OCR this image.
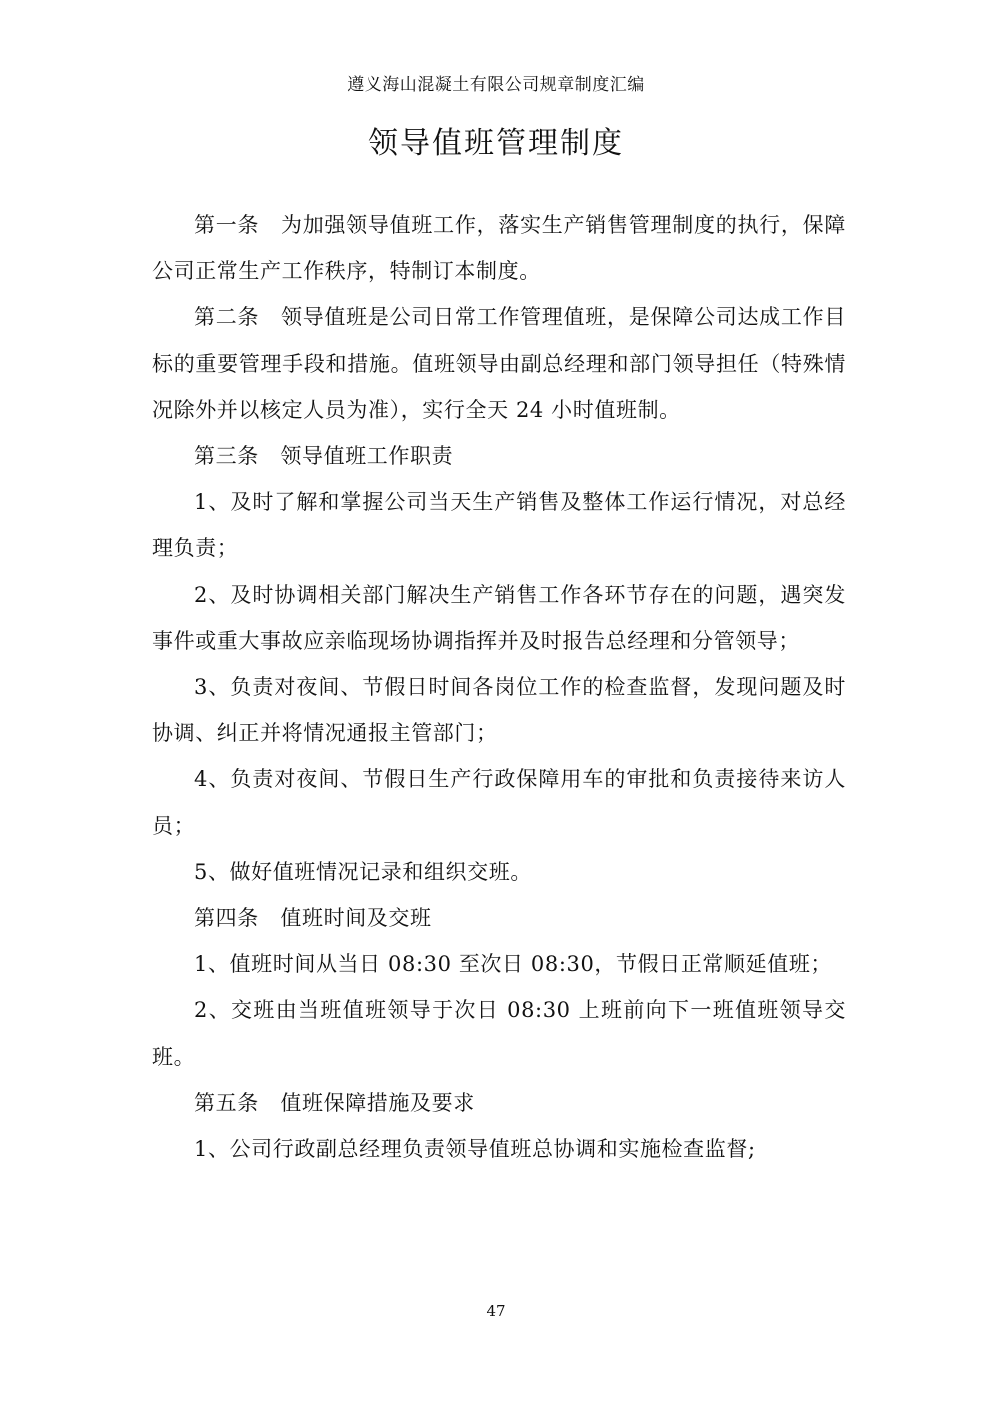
遵义海山混凝土有限公司规章制度汇编
领导值班管理制度

第一条　为加强领导值班工作，落实生产销售管理制度的执行，保障公司正常生产工作秩序，特制订本制度。

第二条　领导值班是公司日常工作管理值班，是保障公司达成工作目标的重要管理手段和措施。值班领导由副总经理和部门领导担任（特殊情况除外并以核定人员为准），实行全天 24 小时值班制。

第三条　领导值班工作职责

1、及时了解和掌握公司当天生产销售及整体工作运行情况，对总经理负责；

2、及时协调相关部门解决生产销售工作各环节存在的问题，遇突发事件或重大事故应亲临现场协调指挥并及时报告总经理和分管领导；

3、负责对夜间、节假日时间各岗位工作的检查监督，发现问题及时协调、纠正并将情况通报主管部门；

4、负责对夜间、节假日生产行政保障用车的审批和负责接待来访人员；

5、做好值班情况记录和组织交班。

第四条　值班时间及交班

1、值班时间从当日 08:30 至次日 08:30，节假日正常顺延值班；

2、交班由当班值班领导于次日 08:30 上班前向下一班值班领导交班。

第五条　值班保障措施及要求

1、公司行政副总经理负责领导值班总协调和实施检查监督;

47
